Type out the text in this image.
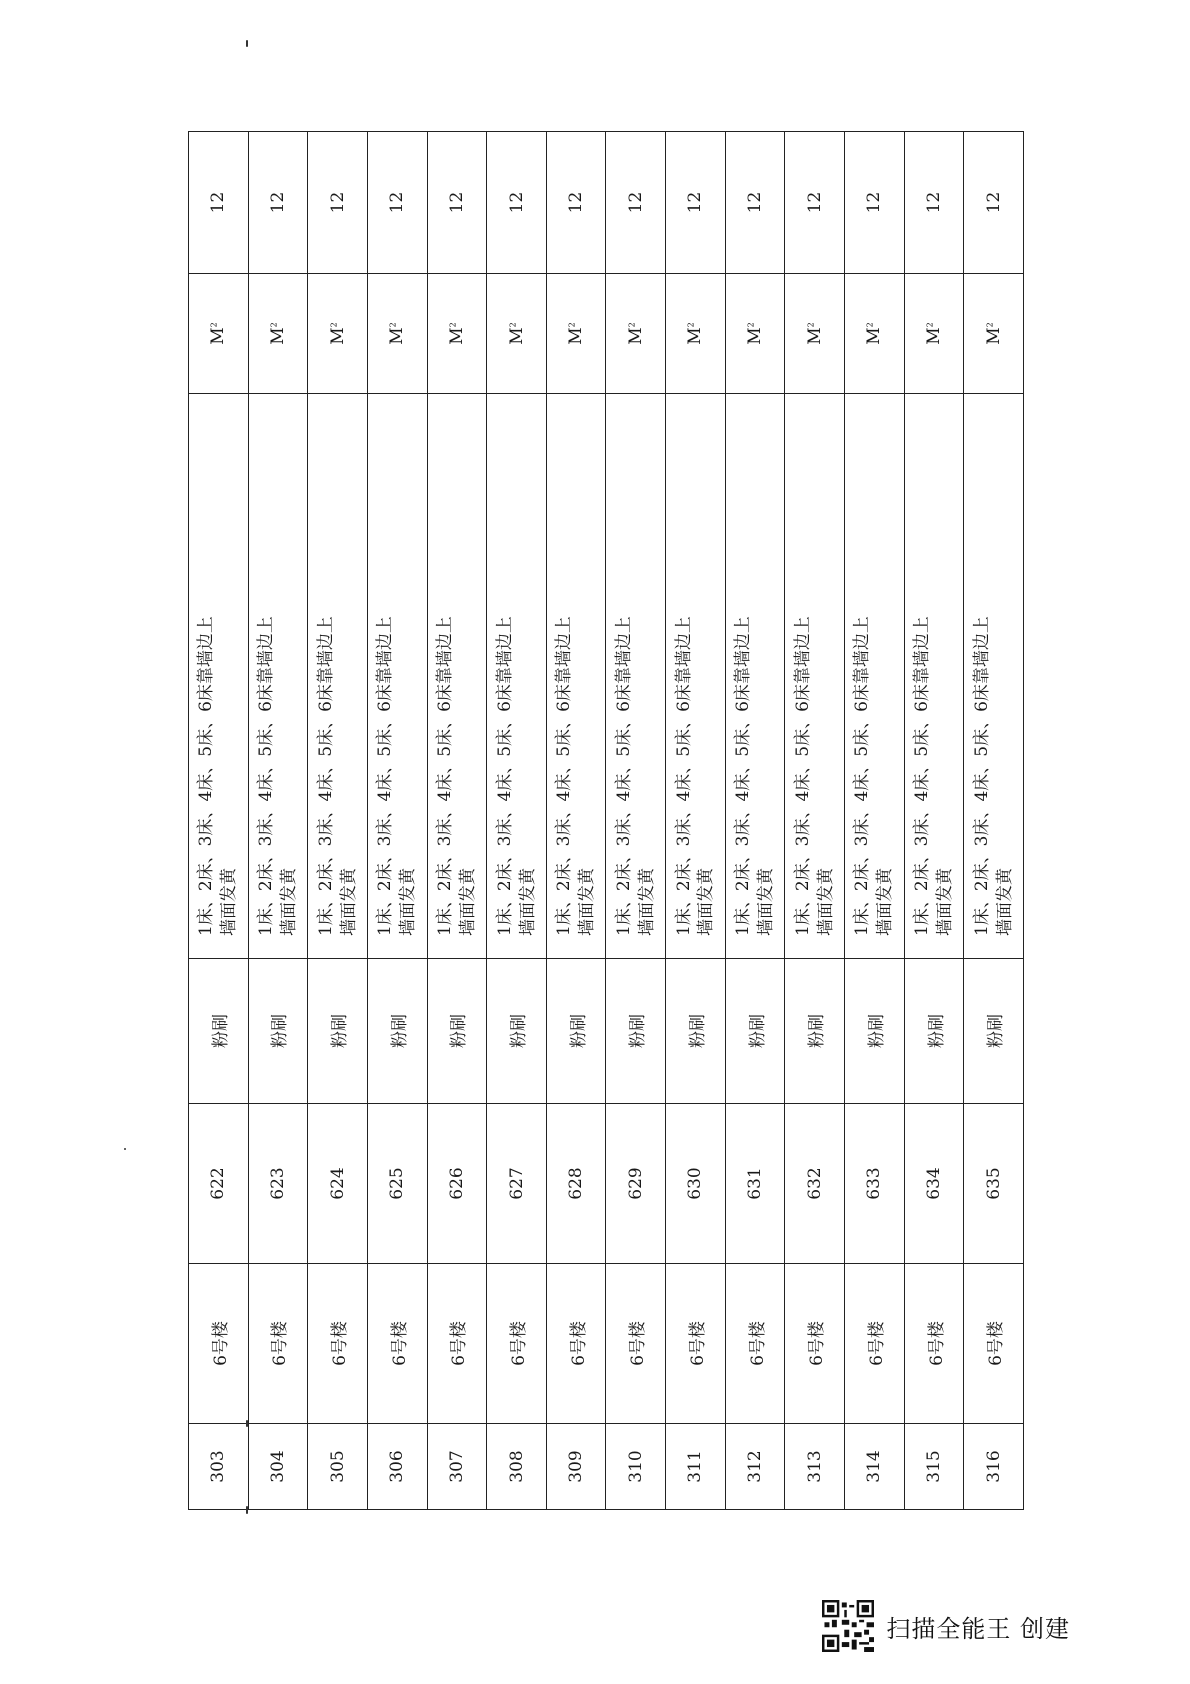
303	6号楼	622	粉刷	1床、2床、3床、4床、5床、6床靠墙边上 墙面发黄	$M^2$	12
304	6号楼	623	粉刷	1床、2床、3床、4床、5床、6床靠墙边上 墙面发黄	$M^2$	12
305	6号楼	624	粉刷	1床、2床、3床、4床、5床、6床靠墙边上 墙面发黄	$M^2$	12
306	6号楼	625	粉刷	1床、2床、3床、4床、5床、6床靠墙边上 墙面发黄	$M^2$	12
307	6号楼	626	粉刷	1床、2床、3床、4床、5床、6床靠墙边上 墙面发黄	$M^2$	12
308	6号楼	627	粉刷	1床、2床、3床、4床、5床、6床靠墙边上 墙面发黄	$M^2$	12
309	6号楼	628	粉刷	1床、2床、3床、4床、5床、6床靠墙边上 墙面发黄	$M^2$	12
310	6号楼	629	粉刷	1床、2床、3床、4床、5床、6床靠墙边上 墙面发黄	$M^2$	12
311	6号楼	630	粉刷	1床、2床、3床、4床、5床、6床靠墙边上 墙面发黄	$M^2$	12
312	6号楼	631	粉刷	1床、2床、3床、4床、5床、6床靠墙边上 墙面发黄	$M^2$	12
313	6号楼	632	粉刷	1床、2床、3床、4床、5床、6床靠墙边上 墙面发黄	$M^2$	12
314	6号楼	633	粉刷	1床、2床、3床、4床、5床、6床靠墙边上 墙面发黄	$M^2$	12
315	6号楼	634	粉刷	1床、2床、3床、4床、5床、6床靠墙边上 墙面发黄	$M^2$	12
316	6号楼	635	粉刷	1床、2床、3床、4床、5床、6床靠墙边上 墙面发黄	$M^2$	12
扫描全能王 创建
